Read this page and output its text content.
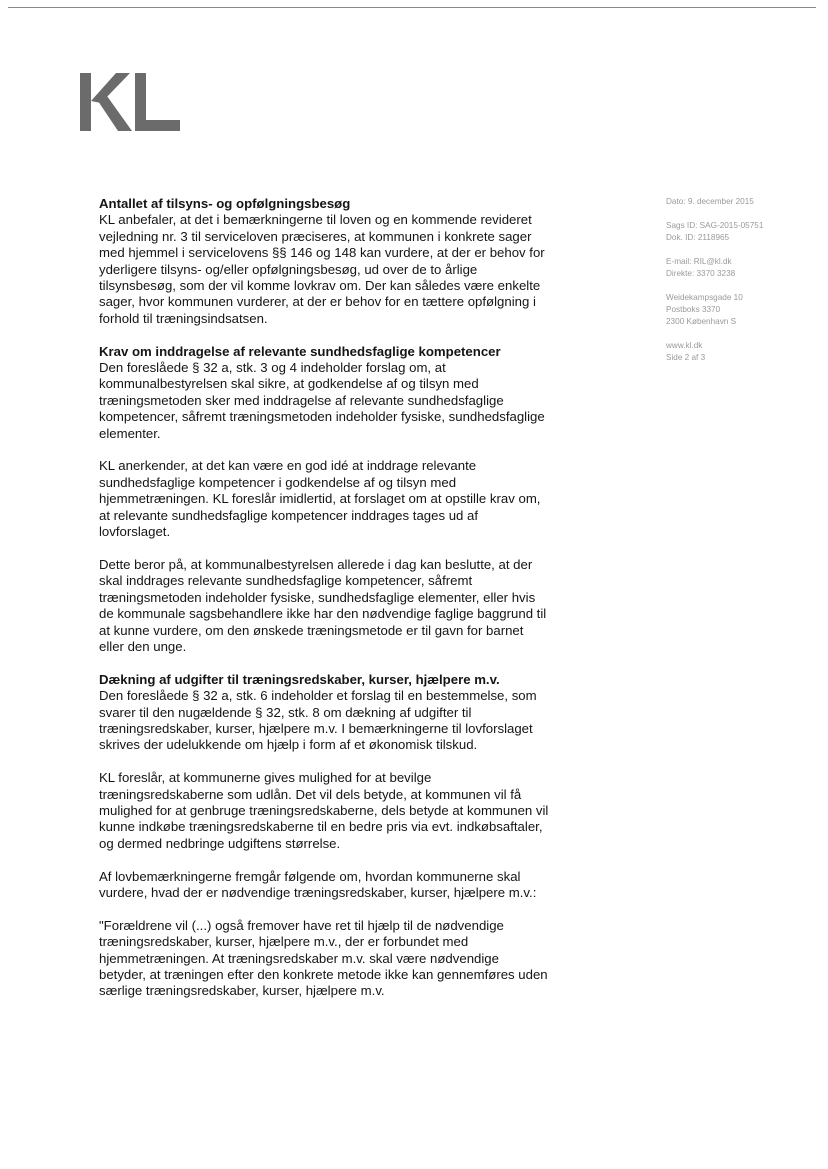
Antallet af tilsyns- og opfølgningsbesøg

KL anbefaler, at det i bemærkningerne til loven og en kommende revideret vejledning nr. 3 til serviceloven præciseres, at kommunen i konkrete sager med hjemmel i servicelovens §§ 146 og 148 kan vurdere, at der er behov for yderligere tilsyns- og/eller opfølgningsbesøg, ud over de to årlige tilsynsbesøg, som der vil komme lovkrav om. Der kan således være enkelte sager, hvor kommunen vurderer, at der er behov for en tættere opfølgning i forhold til træningsindsatsen.

Krav om inddragelse af relevante sundhedsfaglige kompetencer

Den foreslåede § 32 a, stk. 3 og 4 indeholder forslag om, at kommunalbestyrelsen skal sikre, at godkendelse af og tilsyn med træningsmetoden sker med inddragelse af relevante sundhedsfaglige kompetencer, såfremt træningsmetoden indeholder fysiske, sundhedsfaglige elementer.

KL anerkender, at det kan være en god idé at inddrage relevante sundhedsfaglige kompetencer i godkendelse af og tilsyn med hjemmetræningen. KL foreslår imidlertid, at forslaget om at opstille krav om, at relevante sundhedsfaglige kompetencer inddrages tages ud af lovforslaget.

Dette beror på, at kommunalbestyrelsen allerede i dag kan beslutte, at der skal inddrages relevante sundhedsfaglige kompetencer, såfremt træningsmetoden indeholder fysiske, sundhedsfaglige elementer, eller hvis de kommunale sagsbehandlere ikke har den nødvendige faglige baggrund til at kunne vurdere, om den ønskede træningsmetode er til gavn for barnet eller den unge.

Dækning af udgifter til træningsredskaber, kurser, hjælpere m.v.

Den foreslåede § 32 a, stk. 6 indeholder et forslag til en bestemmelse, som svarer til den nugældende § 32, stk. 8 om dækning af udgifter til træningsredskaber, kurser, hjælpere m.v. I bemærkningerne til lovforslaget skrives der udelukkende om hjælp i form af et økonomisk tilskud.

KL foreslår, at kommunerne gives mulighed for at bevilge træningsredskaberne som udlån. Det vil dels betyde, at kommunen vil få mulighed for at genbruge træningsredskaberne, dels betyde at kommunen vil kunne indkøbe træningsredskaberne til en bedre pris via evt. indkøbsaftaler, og dermed nedbringe udgiftens størrelse.

Af lovbemærkningerne fremgår følgende om, hvordan kommunerne skal vurdere, hvad der er nødvendige træningsredskaber, kurser, hjælpere m.v.:

"Forældrene vil (...) også fremover have ret til hjælp til de nødvendige træningsredskaber, kurser, hjælpere m.v., der er forbundet med hjemmetræningen. At træningsredskaber m.v. skal være nødvendige betyder, at træningen efter den konkrete metode ikke kan gennemføres uden særlige træningsredskaber, kurser, hjælpere m.v.

Dato: 9. december 2015
Sags ID: SAG-2015-05751
Dok. ID: 2118965
E-mail: RIL@kl.dk
Direkte: 3370 3238
Weidekampsgade 10
Postboks 3370
2300 København S
www.kl.dk
Side 2 af 3
